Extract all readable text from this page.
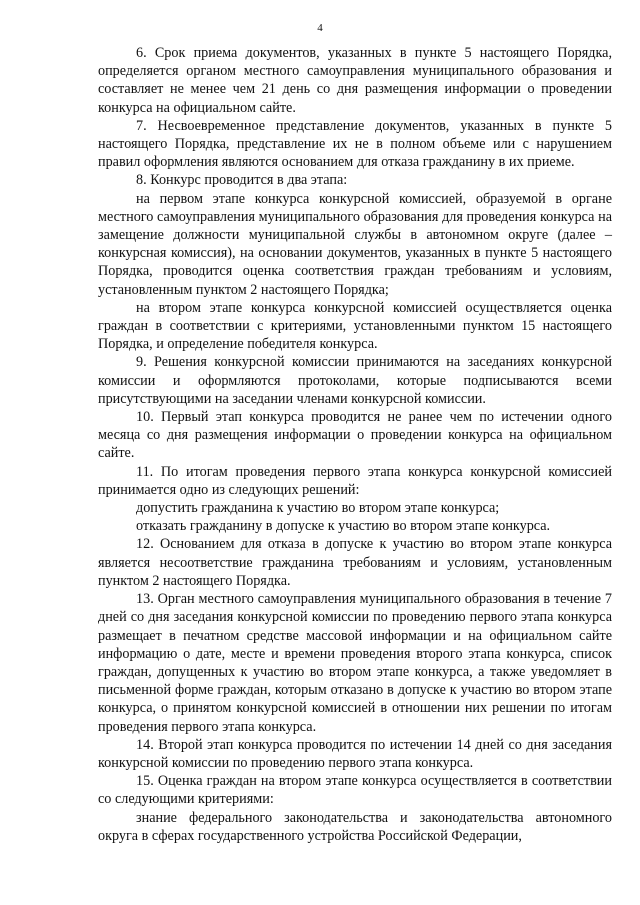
4

6. Срок приема документов, указанных в пункте 5 настоящего Порядка, определяется органом местного самоуправления муниципального образования и составляет не менее чем 21 день со дня размещения информации о проведении конкурса на официальном сайте.

7. Несвоевременное представление документов, указанных в пункте 5 настоящего Порядка, представление их не в полном объеме или с нарушением правил оформления являются основанием для отказа гражданину в их приеме.

8. Конкурс проводится в два этапа:

на первом этапе конкурса конкурсной комиссией, образуемой в органе местного самоуправления муниципального образования для проведения конкурса на замещение должности муниципальной службы в автономном округе (далее – конкурсная комиссия), на основании документов, указанных в пункте 5 настоящего Порядка, проводится оценка соответствия граждан требованиям и условиям, установленным пунктом 2 настоящего Порядка;

на втором этапе конкурса конкурсной комиссией осуществляется оценка граждан в соответствии с критериями, установленными пунктом 15 настоящего Порядка, и определение победителя конкурса.

9. Решения конкурсной комиссии принимаются на заседаниях конкурсной комиссии и оформляются протоколами, которые подписываются всеми присутствующими на заседании членами конкурсной комиссии.

10. Первый этап конкурса проводится не ранее чем по истечении одного месяца со дня размещения информации о проведении конкурса на официальном сайте.

11. По итогам проведения первого этапа конкурса конкурсной комиссией принимается одно из следующих решений:

допустить гражданина к участию во втором этапе конкурса;

отказать гражданину в допуске к участию во втором этапе конкурса.

12. Основанием для отказа в допуске к участию во втором этапе конкурса является несоответствие гражданина требованиям и условиям, установленным пунктом 2 настоящего Порядка.

13. Орган местного самоуправления муниципального образования в течение 7 дней со дня заседания конкурсной комиссии по проведению первого этапа конкурса размещает в печатном средстве массовой информации и на официальном сайте информацию о дате, месте и времени проведения второго этапа конкурса, список граждан, допущенных к участию во втором этапе конкурса, а также уведомляет в письменной форме граждан, которым отказано в допуске к участию во втором этапе конкурса, о принятом конкурсной комиссией в отношении них решении по итогам проведения первого этапа конкурса.

14. Второй этап конкурса проводится по истечении 14 дней со дня заседания конкурсной комиссии по проведению первого этапа конкурса.

15. Оценка граждан на втором этапе конкурса осуществляется в соответствии со следующими критериями:

знание федерального законодательства и законодательства автономного округа в сферах государственного устройства Российской Федерации,
